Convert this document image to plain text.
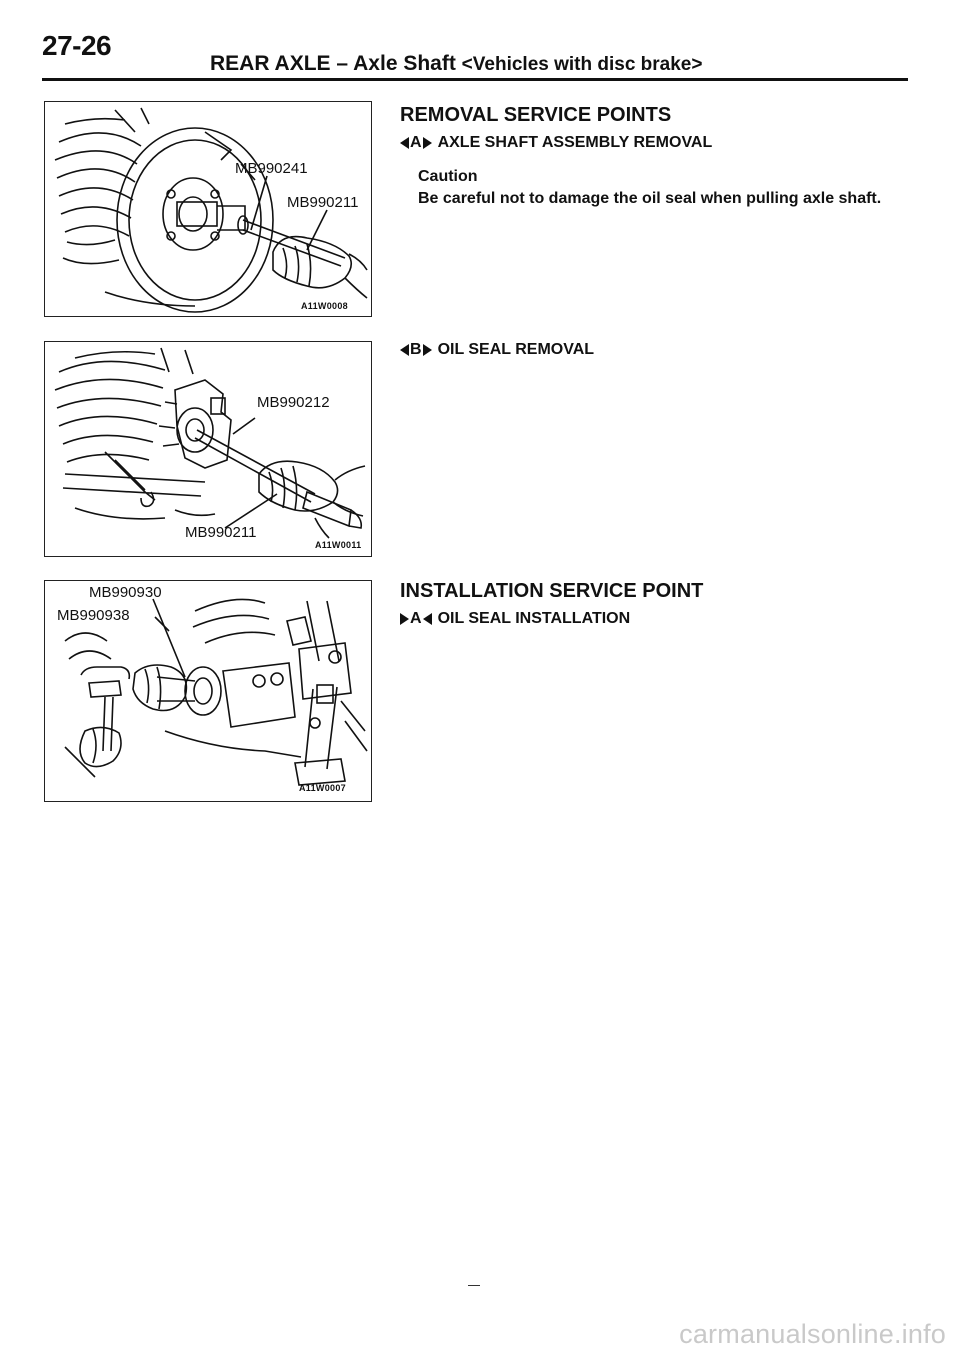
27-26
REAR AXLE – Axle Shaft <Vehicles with disc brake>
MB990241
MB990211
A11W0008
MB990212
MB990211
A11W0011
MB990930
MB990938
A11W0007
REMOVAL SERVICE POINTS
A AXLE SHAFT ASSEMBLY REMOVAL
Caution
Be careful not to damage the oil seal when pulling axle shaft.
B OIL SEAL REMOVAL
INSTALLATION SERVICE POINT
A OIL SEAL INSTALLATION
carmanualsonline.info
